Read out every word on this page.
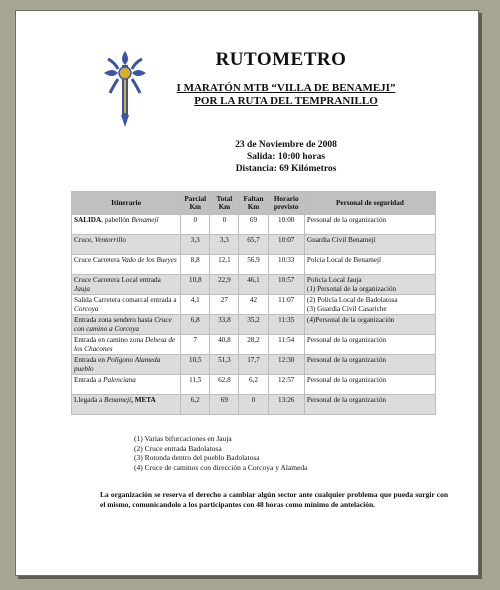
RUTOMETRO
I MARATÓN MTB “VILLA DE BENAMEJI”
POR LA RUTA DEL TEMPRANILLO
23 de Noviembre de 2008
Salida: 10:00 horas
Distancia: 69 Kilómetros
Itinerario	Parcial Km	Total Km	Faltan Km	Horario previsto	Personal de seguridad
SALIDA, pabellón Benamejí	0	0	69	10:00	Personal de la organización

Cruce, Ventorrillo	3,3	3,3	65,7	10:07	Guardia Civil Benamejí

Cruce Carretera Vado de los Bueyes	8,8	12,1	56,9	10:33	Polcia Local de Benamejí

Cruce Carretera Local entrada Jauja	10,8	22,9	46,1	10:57	Policía Local Jauja
(1) Personal de la organización

Salida Carretera comarcal entrada a Corcoya	4,1	27	42	11:07	(2) Policía Local de Badolatosa
(3) Guardia Civil Casariche

Entrada zona sendero hasta Cruce con camino a Corcoya	6,8	33,8	35,2	11:35	(4)Personal de la organización

Entrada en camino zona Dehesa de los Chacones	7	40,8	28,2	11:54	Personal de la organización

Entrada en Polígono Alameda pueblo	10,5	51,3	17,7	12:30	Personal de la organización

Entrada a Palenciana	11,5	62,8	6,2	12:57	Personal de la organización

Llegada a Benamejí, META	6,2	69	0	13:26	Personal de la organización
(1) Varias bifurcaciones en Jauja
(2) Cruce entrada Badolatosa
(3) Rotonda dentro del pueblo Badolatosa
(4) Cruce de caminos con dirección a Corcoya y Alameda
La organización se reserva el derecho a cambiar algún sector ante cualquier problema que pueda surgir con el mismo, comunicandolo a los participantes con 48 horas como mínimo de antelación.
